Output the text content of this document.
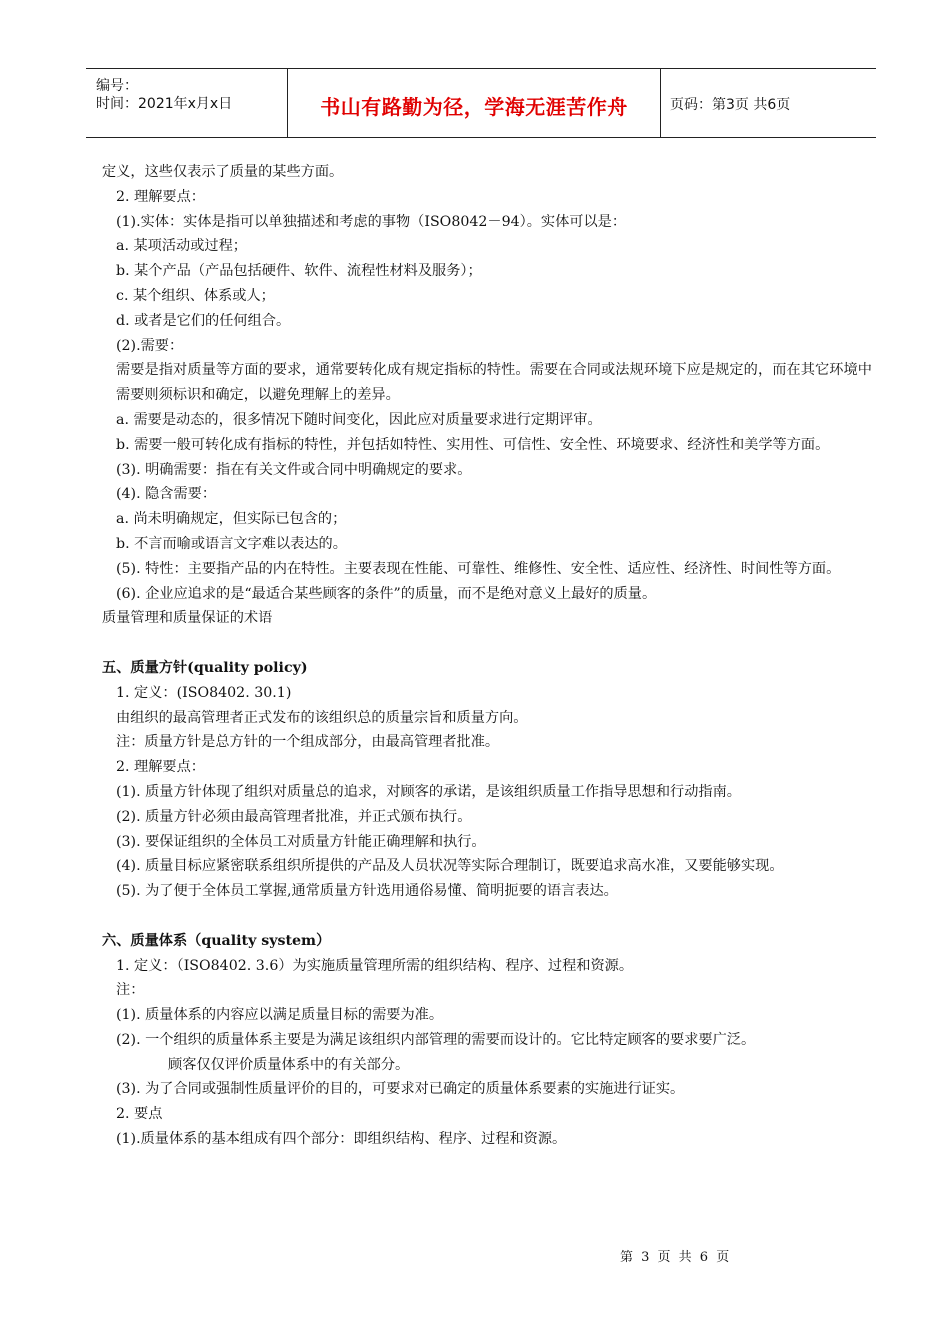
编号：
时间：2021年x月x日	书山有路勤为径，学海无涯苦作舟	页码：第3页 共6页

定义，这些仅表示了质量的某些方面。

2. 理解要点：

(1).实体：实体是指可以单独描述和考虑的事物（ISO8042－94）。实体可以是：

a. 某项活动或过程；

b. 某个产品（产品包括硬件、软件、流程性材料及服务）；

c. 某个组织、体系或人；

d. 或者是它们的任何组合。

(2).需要：

需要是指对质量等方面的要求，通常要转化成有规定指标的特性。需要在合同或法规环境下应是规定的，而在其它环境中需要则须标识和确定，以避免理解上的差异。

a. 需要是动态的，很多情况下随时间变化，因此应对质量要求进行定期评审。

b. 需要一般可转化成有指标的特性，并包括如特性、实用性、可信性、安全性、环境要求、经济性和美学等方面。

(3). 明确需要：指在有关文件或合同中明确规定的要求。

(4). 隐含需要：

a. 尚未明确规定，但实际已包含的；

b. 不言而喻或语言文字难以表达的。

(5). 特性：主要指产品的内在特性。主要表现在性能、可靠性、维修性、安全性、适应性、经济性、时间性等方面。

(6). 企业应追求的是“最适合某些顾客的条件”的质量，而不是绝对意义上最好的质量。

质量管理和质量保证的术语

五、质量方针(quality policy)

1. 定义：(ISO8402. 30.1)

由组织的最高管理者正式发布的该组织总的质量宗旨和质量方向。

注：质量方针是总方针的一个组成部分，由最高管理者批准。

2. 理解要点：

(1). 质量方针体现了组织对质量总的追求，对顾客的承诺，是该组织质量工作指导思想和行动指南。

(2). 质量方针必须由最高管理者批准，并正式颁布执行。

(3). 要保证组织的全体员工对质量方针能正确理解和执行。

(4). 质量目标应紧密联系组织所提供的产品及人员状况等实际合理制订，既要追求高水准，又要能够实现。

(5). 为了便于全体员工掌握,通常质量方针选用通俗易懂、简明扼要的语言表达。

六、质量体系（quality system）

1. 定义：（ISO8402. 3.6）为实施质量管理所需的组织结构、程序、过程和资源。

注：

(1). 质量体系的内容应以满足质量目标的需要为准。

(2). 一个组织的质量体系主要是为满足该组织内部管理的需要而设计的。它比特定顾客的要求要广泛。

顾客仅仅评价质量体系中的有关部分。

(3). 为了合同或强制性质量评价的目的，可要求对已确定的质量体系要素的实施进行证实。

2. 要点

(1).质量体系的基本组成有四个部分：即组织结构、程序、过程和资源。

第 3 页 共 6 页
